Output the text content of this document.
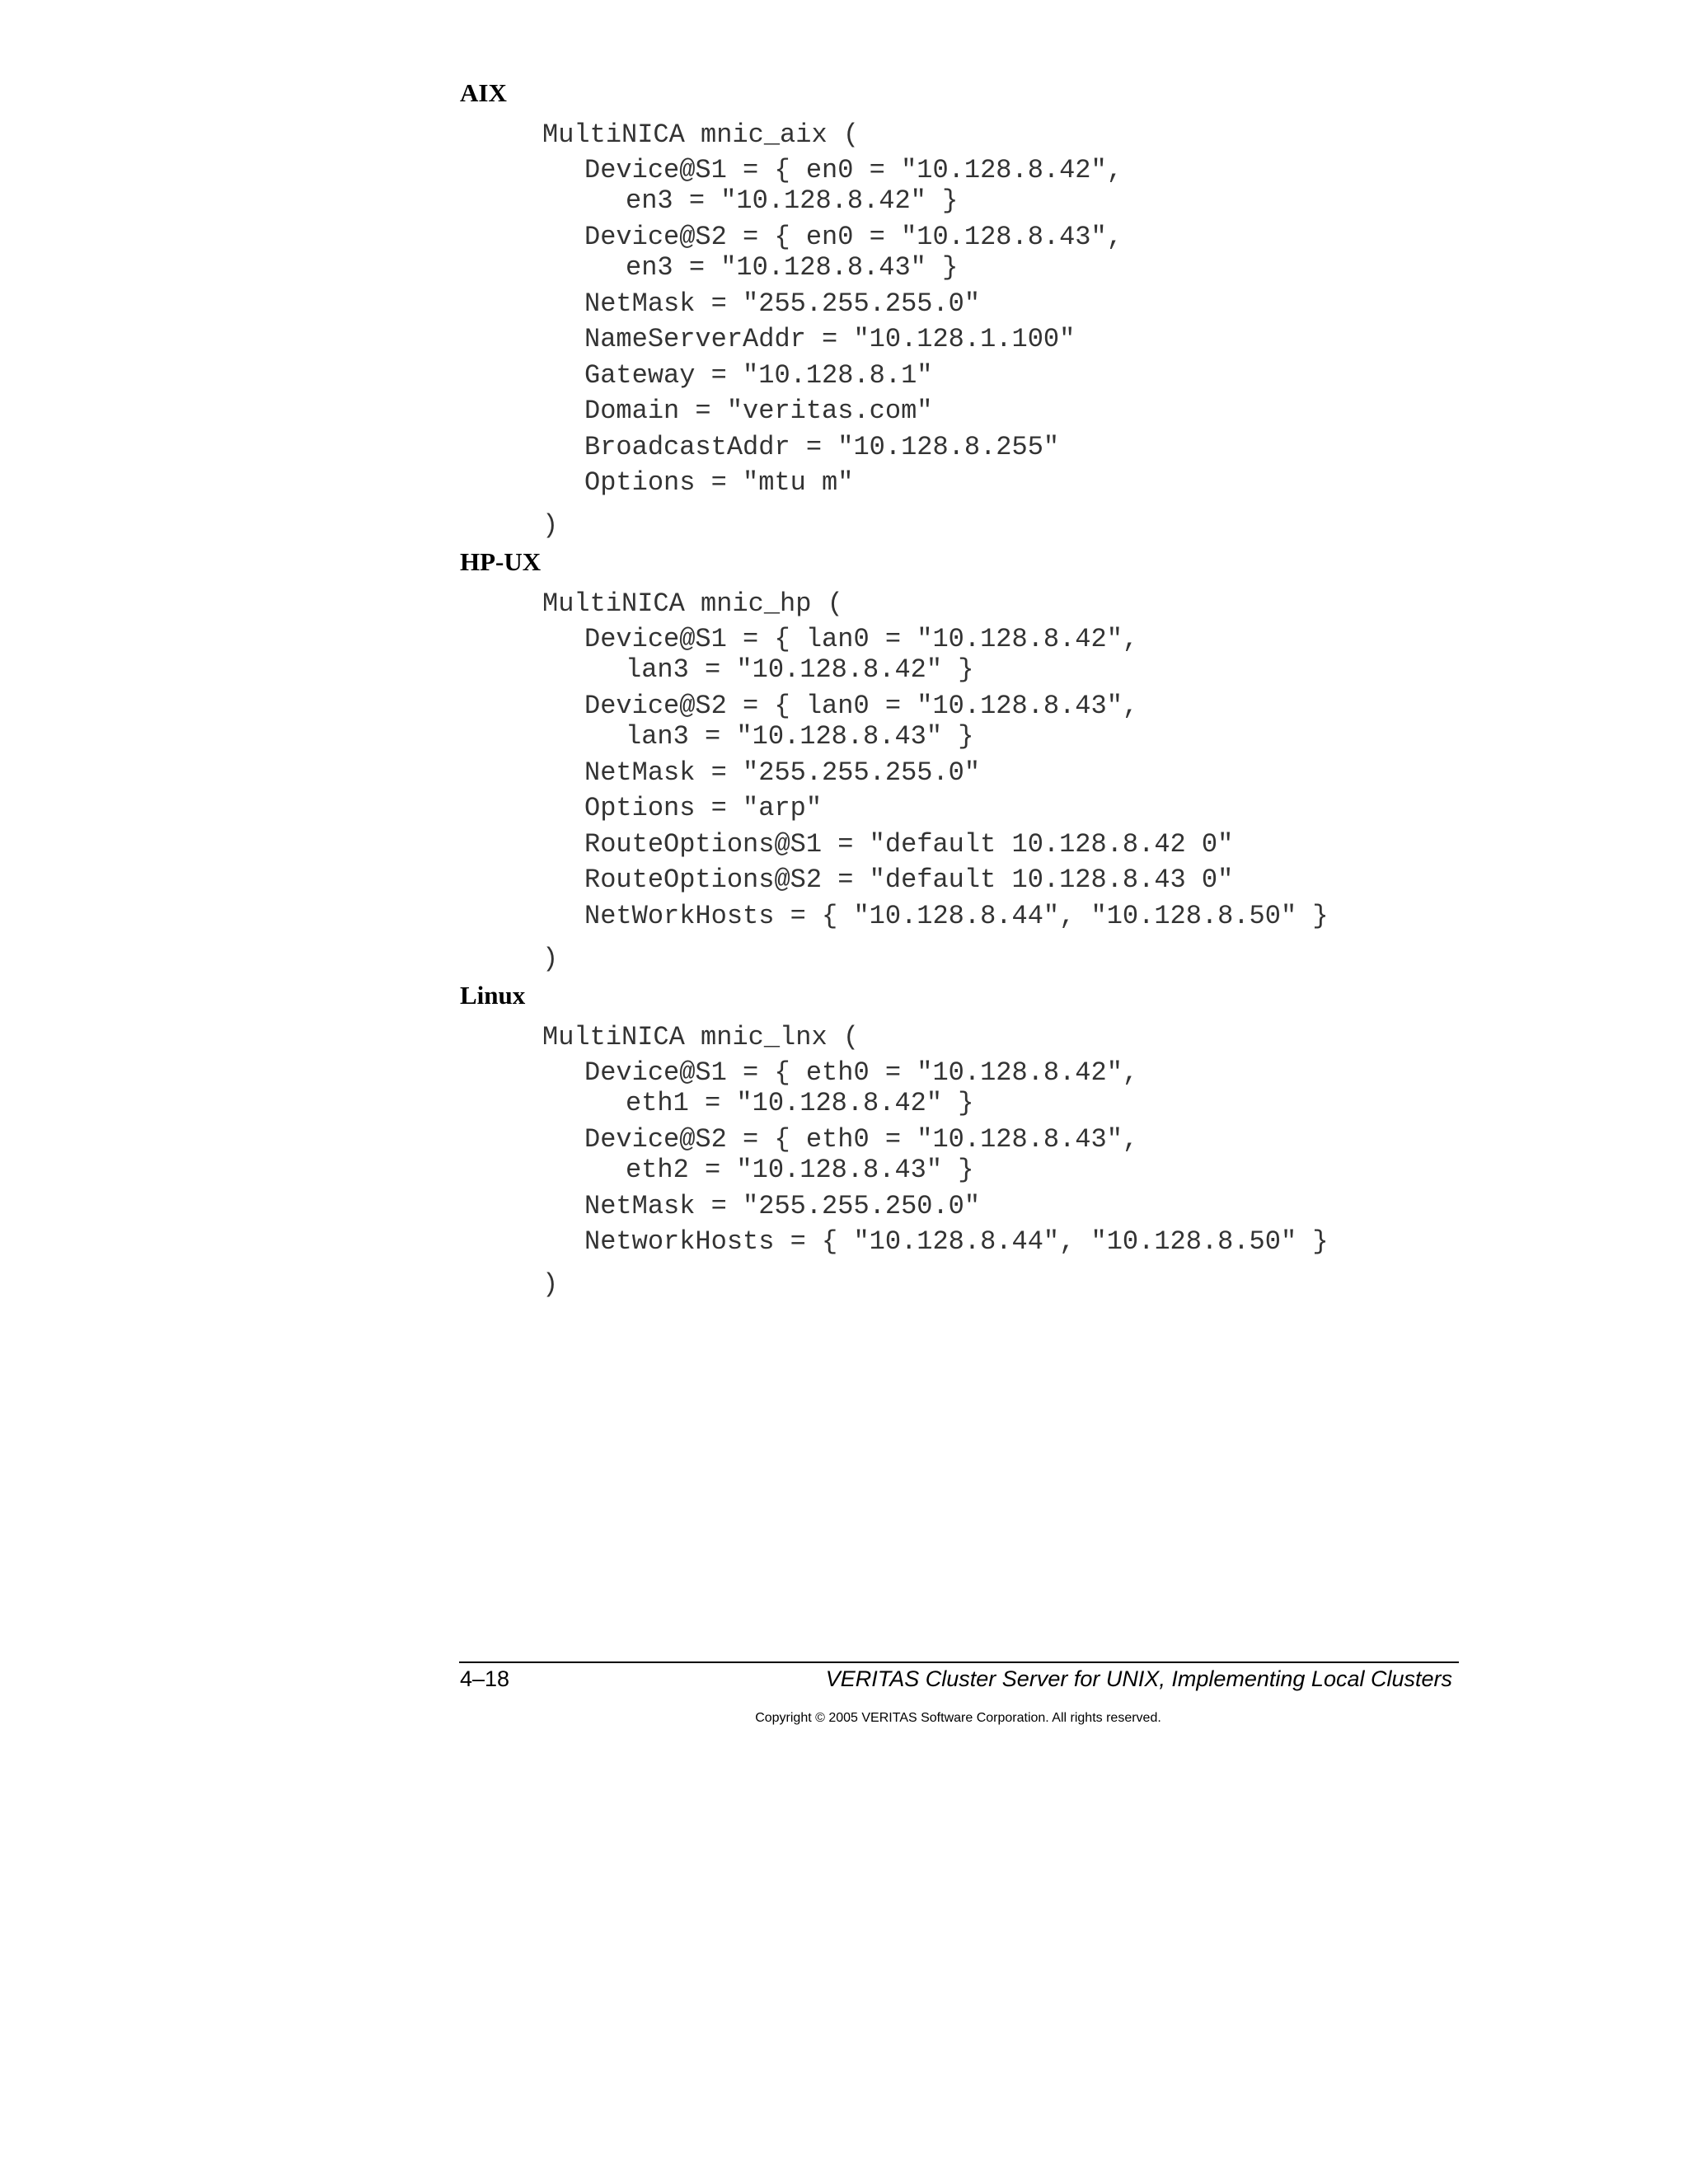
AIX
MultiNICA mnic_aix (
Device@S1 = { en0 = "10.128.8.42",
en3 = "10.128.8.42" }
Device@S2 = { en0 = "10.128.8.43",
en3 = "10.128.8.43" }
NetMask = "255.255.255.0"
NameServerAddr = "10.128.1.100"
Gateway = "10.128.8.1"
Domain = "veritas.com"
BroadcastAddr = "10.128.8.255"
Options = "mtu m"
)
HP-UX
MultiNICA mnic_hp (
Device@S1 = { lan0 = "10.128.8.42",
lan3 = "10.128.8.42" }
Device@S2 = { lan0 = "10.128.8.43",
lan3 = "10.128.8.43" }
NetMask = "255.255.255.0"
Options = "arp"
RouteOptions@S1 = "default 10.128.8.42 0"
RouteOptions@S2 = "default 10.128.8.43 0"
NetWorkHosts = { "10.128.8.44", "10.128.8.50" }
)
Linux
MultiNICA mnic_lnx (
Device@S1 = { eth0 = "10.128.8.42",
eth1 = "10.128.8.42" }
Device@S2 = { eth0 = "10.128.8.43",
eth2 = "10.128.8.43" }
NetMask = "255.255.250.0"
NetworkHosts = { "10.128.8.44", "10.128.8.50" }
)
4–18	VERITAS Cluster Server for UNIX, Implementing Local Clusters
Copyright © 2005 VERITAS Software Corporation. All rights reserved.
